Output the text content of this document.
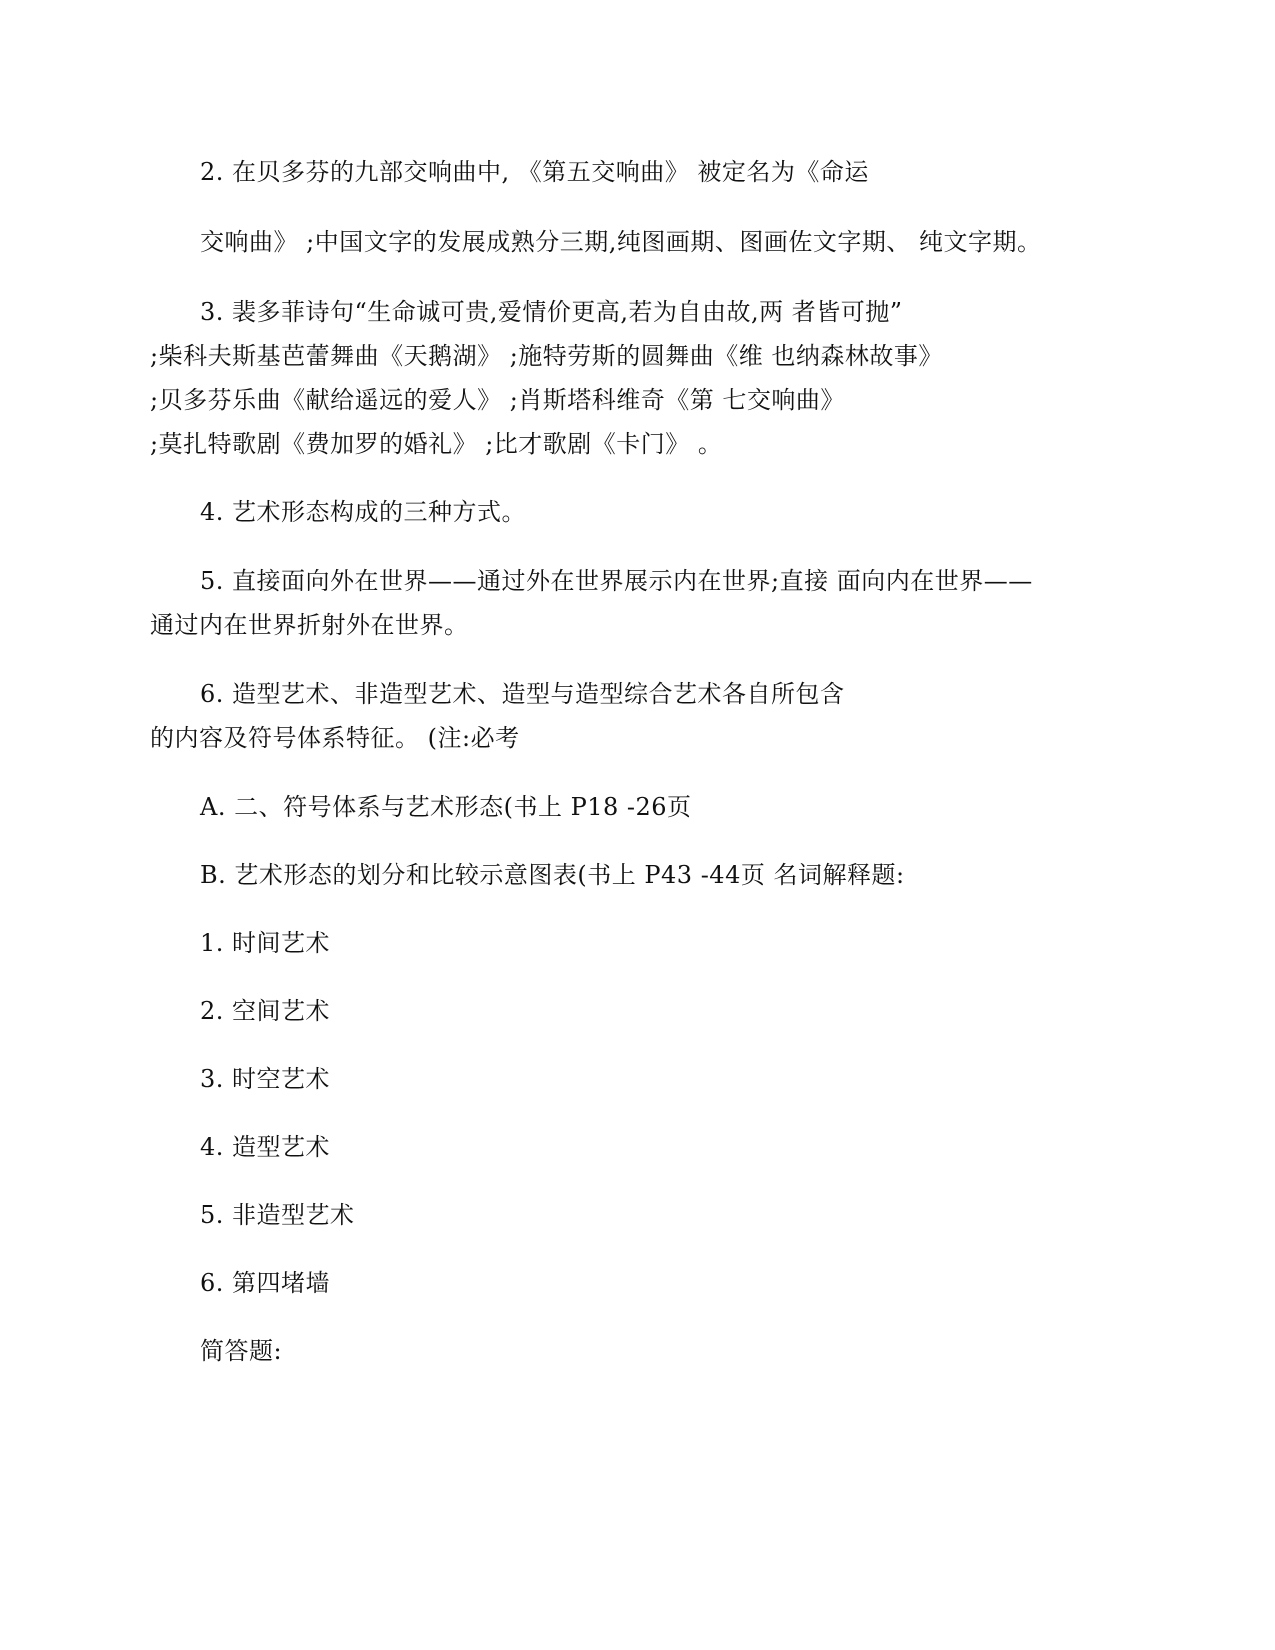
2. 在贝多芬的九部交响曲中, 《第五交响曲》 被定名为《命运
交响曲》 ;中国文字的发展成熟分三期,纯图画期、图画佐文字期、 纯文字期。
3. 裴多菲诗句“生命诚可贵,爱情价更高,若为自由故,两 者皆可抛”
;柴科夫斯基芭蕾舞曲《天鹅湖》 ;施特劳斯的圆舞曲《维 也纳森林故事》
;贝多芬乐曲《献给遥远的爱人》 ;肖斯塔科维奇《第 七交响曲》
;莫扎特歌剧《费加罗的婚礼》 ;比才歌剧《卡门》 。
4. 艺术形态构成的三种方式。
5. 直接面向外在世界——通过外在世界展示内在世界;直接 面向内在世界——
通过内在世界折射外在世界。
6. 造型艺术、非造型艺术、造型与造型综合艺术各自所包含
的内容及符号体系特征。 (注:必考
A. 二、符号体系与艺术形态(书上 P18 -26页
B. 艺术形态的划分和比较示意图表(书上 P43 -44页 名词解释题:
1. 时间艺术
2. 空间艺术
3. 时空艺术
4. 造型艺术
5. 非造型艺术
6. 第四堵墙
简答题:
